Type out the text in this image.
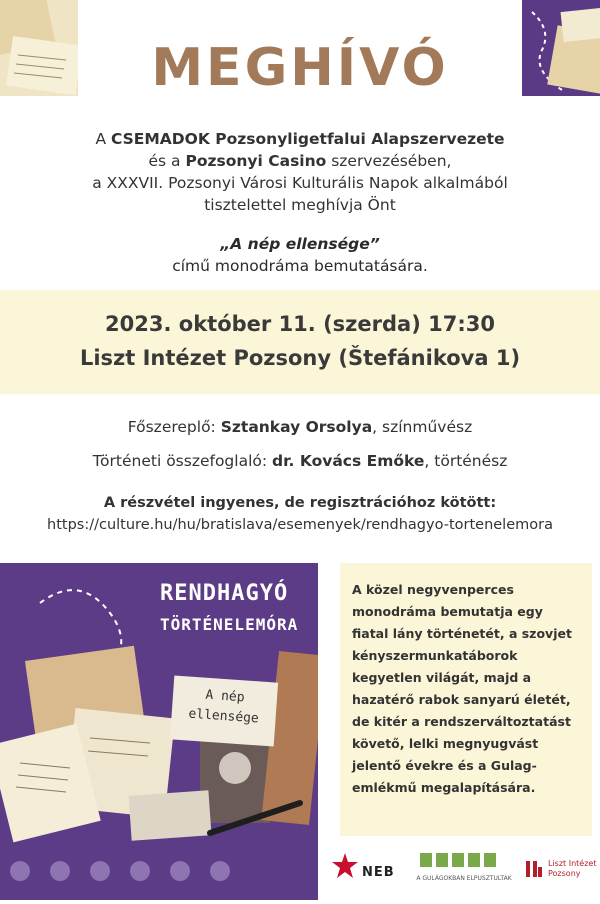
MEGHÍVÓ
A CSEMADOK Pozsonyligetfalui Alapszervezete
és a Pozsonyi Casino szervezésében,
a XXXVII. Pozsonyi Városi Kulturális Napok alkalmából
tisztelettel meghívja Önt
„A nép ellensége”
című monodráma bemutatására.
2023. október 11. (szerda) 17:30
Liszt Intézet Pozsony (Štefánikova 1)
Főszereplő: Sztankay Orsolya, színművész
Történeti összefoglaló: dr. Kovács Emőke, történész
A részvétel ingyenes, de regisztrációhoz kötött:
https://culture.hu/hu/bratislava/esemenyek/rendhagyo-tortenelemora
RENDHAGYÓ
TÖRTÉNELEMÓRA
A nép
ellensége
A közel negyvenperces monodráma bemutatja egy fiatal lány történetét, a szovjet kényszermunkatáborok kegyetlen világát, majd a hazatérő rabok sanyarú életét, de kitér a rendszerváltoztatást követő, lelki megnyugvást jelentő évekre és a Gulag-emlékmű megalapítására.
NEB	A GULÁGOKBAN ELPUSZTULTAK
Liszt Intézet
Pozsony
